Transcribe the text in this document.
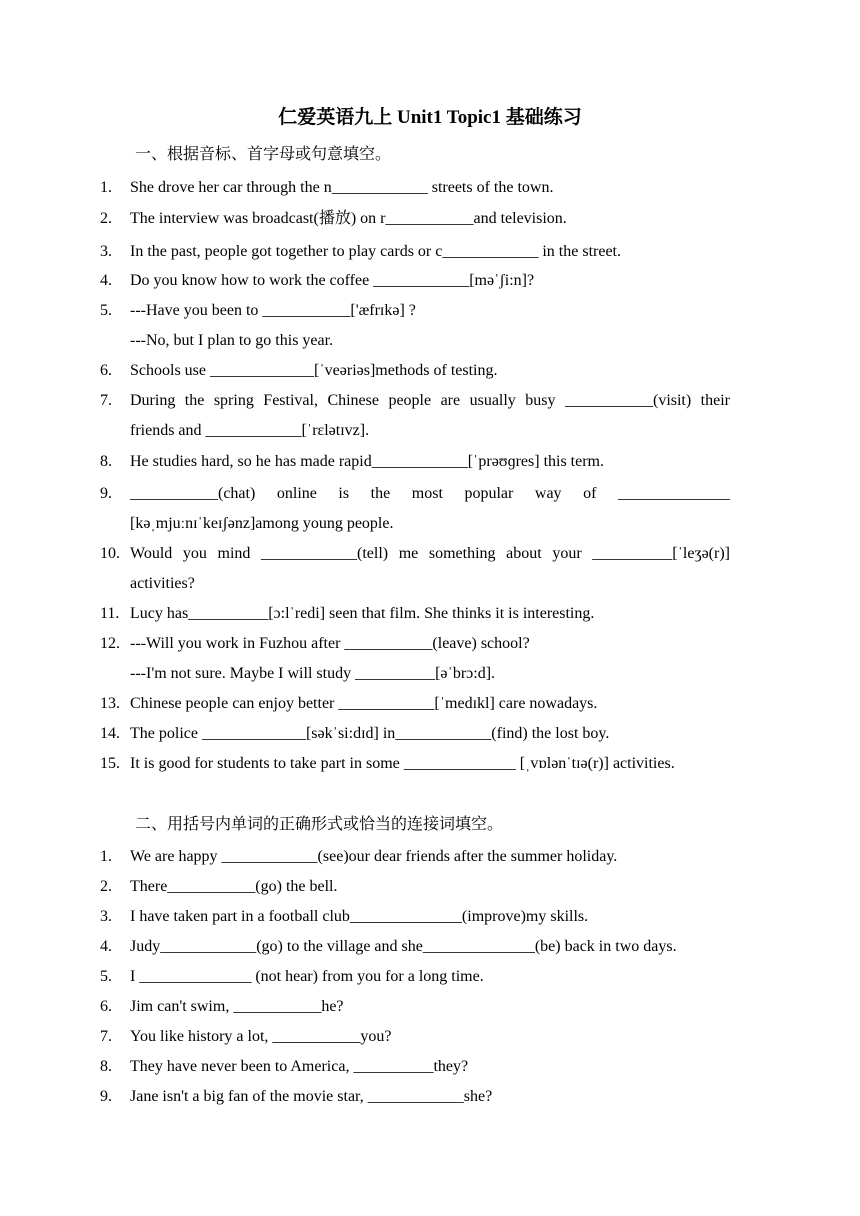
仁爱英语九上 Unit1 Topic1 基础练习
一、根据音标、首字母或句意填空。
1. She drove her car through the n____________ streets of the town.
2. The interview was broadcast(播放) on r___________and television.
3. In the past, people got together to play cards or c____________ in the street.
4. Do you know how to work the coffee ____________[məˈʃi:n]?
5. ---Have you been to ___________['æfrɪkə] ?
---No, but I plan to go this year.
6. Schools use _____________[ˈveəriəs]methods of testing.
7. During the spring Festival, Chinese people are usually busy ___________(visit) their
friends and ____________[ˈrɛlətɪvz].
8. He studies hard, so he has made rapid____________[ˈprəʊɡres] this term.
9. ___________(chat) online is the most popular way of ______________
[kəˌmjuːnɪˈkeɪʃənz]among young people.
10. Would you mind ____________(tell) me something about your __________[ˈleʒə(r)]
activities?
11. Lucy has__________[ɔ:lˈredi] seen that film. She thinks it is interesting.
12. ---Will you work in Fuzhou after ___________(leave) school?
---I'm not sure. Maybe I will study __________[əˈbrɔ:d].
13. Chinese people can enjoy better ____________[ˈmedɪkl] care nowadays.
14. The police _____________[səkˈsi:dɪd] in____________(find) the lost boy.
15. It is good for students to take part in some ______________ [ˌvɒlənˈtɪə(r)] activities.
二、用括号内单词的正确形式或恰当的连接词填空。
1. We are happy ____________(see)our dear friends after the summer holiday.
2. There___________(go) the bell.
3. I have taken part in a football club______________(improve)my skills.
4. Judy____________(go) to the village and she______________(be) back in two days.
5. I ______________ (not hear) from you for a long time.
6. Jim can't swim, ___________he?
7. You like history a lot, ___________you?
8. They have never been to America, __________they?
9. Jane isn't a big fan of the movie star, ____________she?
